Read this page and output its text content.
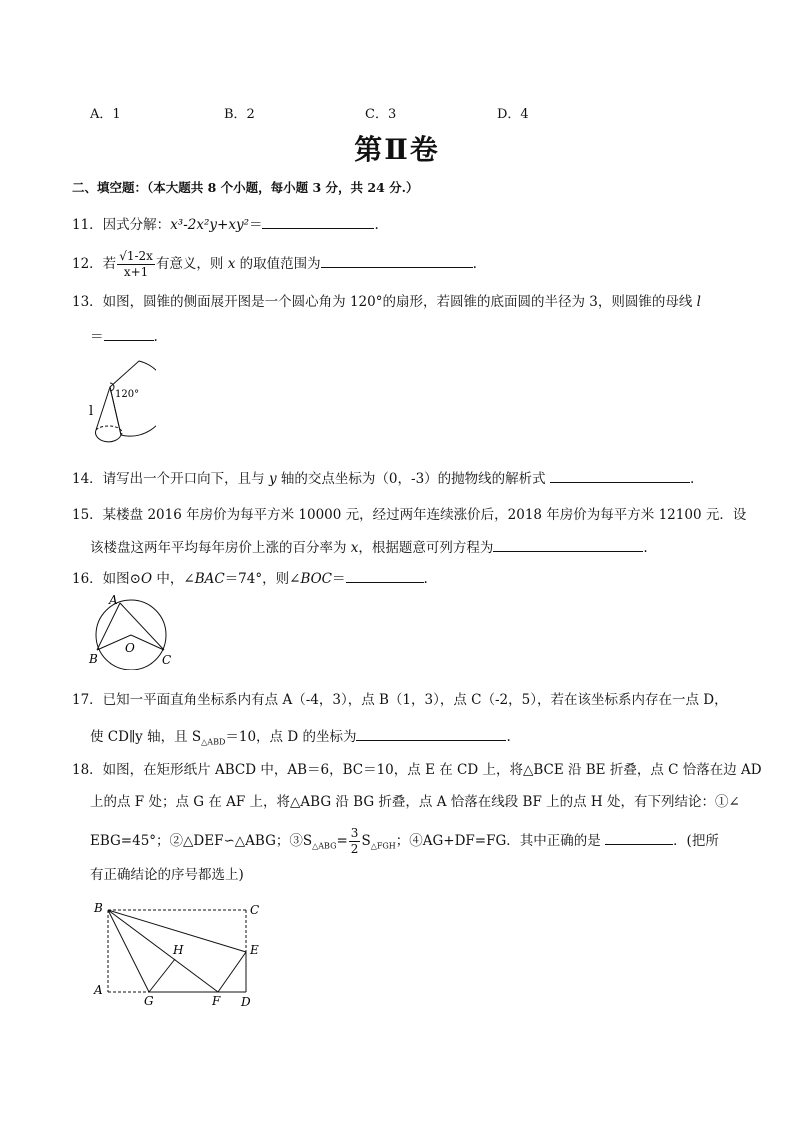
A．1	B．2	C．3	D．4
第Ⅱ卷
二、填空题：（本大题共 8 个小题，每小题 3 分，共 24 分.）
11．因式分解：x³-2x²y+xy²＝	.
12．若 $\frac{√1-2x}{x+1}$ 有意义，则 x 的取值范围为	.
13．如图，圆锥的侧面展开图是一个圆心角为 120°的扇形，若圆锥的底面圆的半径为 3，则圆锥的母线 l
＝	.
120°
l
14．请写出一个开口向下，且与 y 轴的交点坐标为（0，-3）的抛物线的解析式	.
15．某楼盘 2016 年房价为每平方米 10000 元，经过两年连续涨价后，2018 年房价为每平方米 12100 元．设
该楼盘这两年平均每年房价上涨的百分率为 x，根据题意可列方程为	.
16．如图⊙O 中，∠BAC＝74°，则∠BOC＝	.
A
B	C
O
17．已知一平面直角坐标系内有点 A（-4，3），点 B（1，3），点 C（-2，5），若在该坐标系内存在一点 D，
使 CD∥y 轴，且 $S_{\triangle ABD}=10$，点 D 的坐标为	.
18．如图，在矩形纸片 ABCD 中，AB＝6，BC＝10，点 E 在 CD 上，将△BCE 沿 BE 折叠，点 C 恰落在边 AD
上的点 F 处；点 G 在 AF 上，将△ABG 沿 BG 折叠，点 A 恰落在线段 BF 上的点 H 处，有下列结论：①∠
EBG=45°；②△DEF∽△ABG；$③S_{\triangle ABG}= \frac{3}{2} S_{\triangle FGH}$；④AG+DF=FG．其中正确的是	．(把所
有正确结论的序号都选上)
B	C
H	E
A
G	F D
